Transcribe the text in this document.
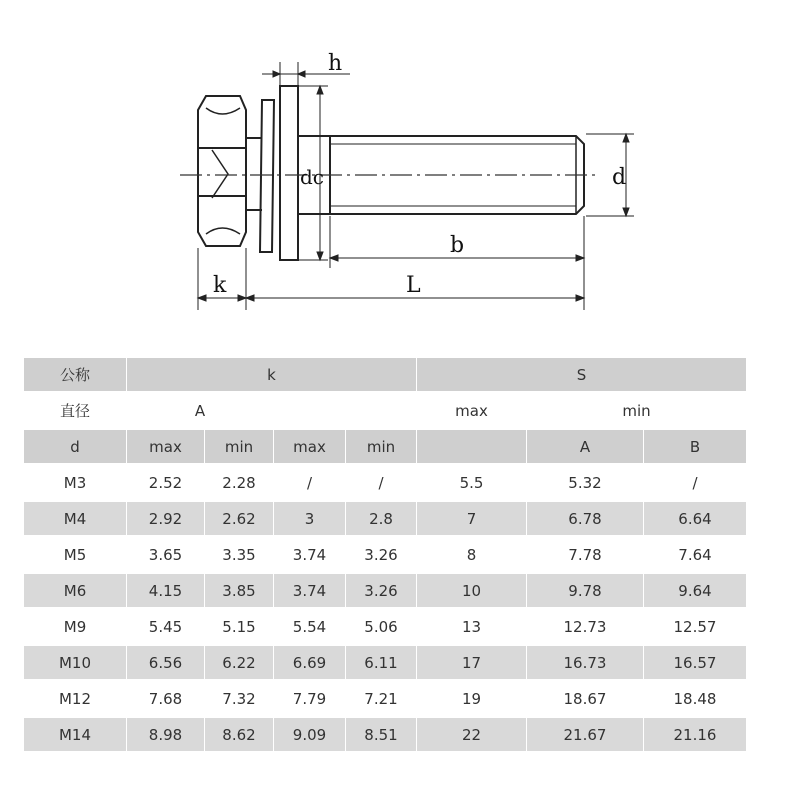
h
dc	d
b
k	L
公称	k				S		
直径	A				max	min	
d	max	min	max	min		A	B
M3	2.52	2.28	/	/	5.5	5.32	/
M4	2.92	2.62	3	2.8	7	6.78	6.64
M5	3.65	3.35	3.74	3.26	8	7.78	7.64
M6	4.15	3.85	3.74	3.26	10	9.78	9.64
M9	5.45	5.15	5.54	5.06	13	12.73	12.57
M10	6.56	6.22	6.69	6.11	17	16.73	16.57
M12	7.68	7.32	7.79	7.21	19	18.67	18.48
M14	8.98	8.62	9.09	8.51	22	21.67	21.16
